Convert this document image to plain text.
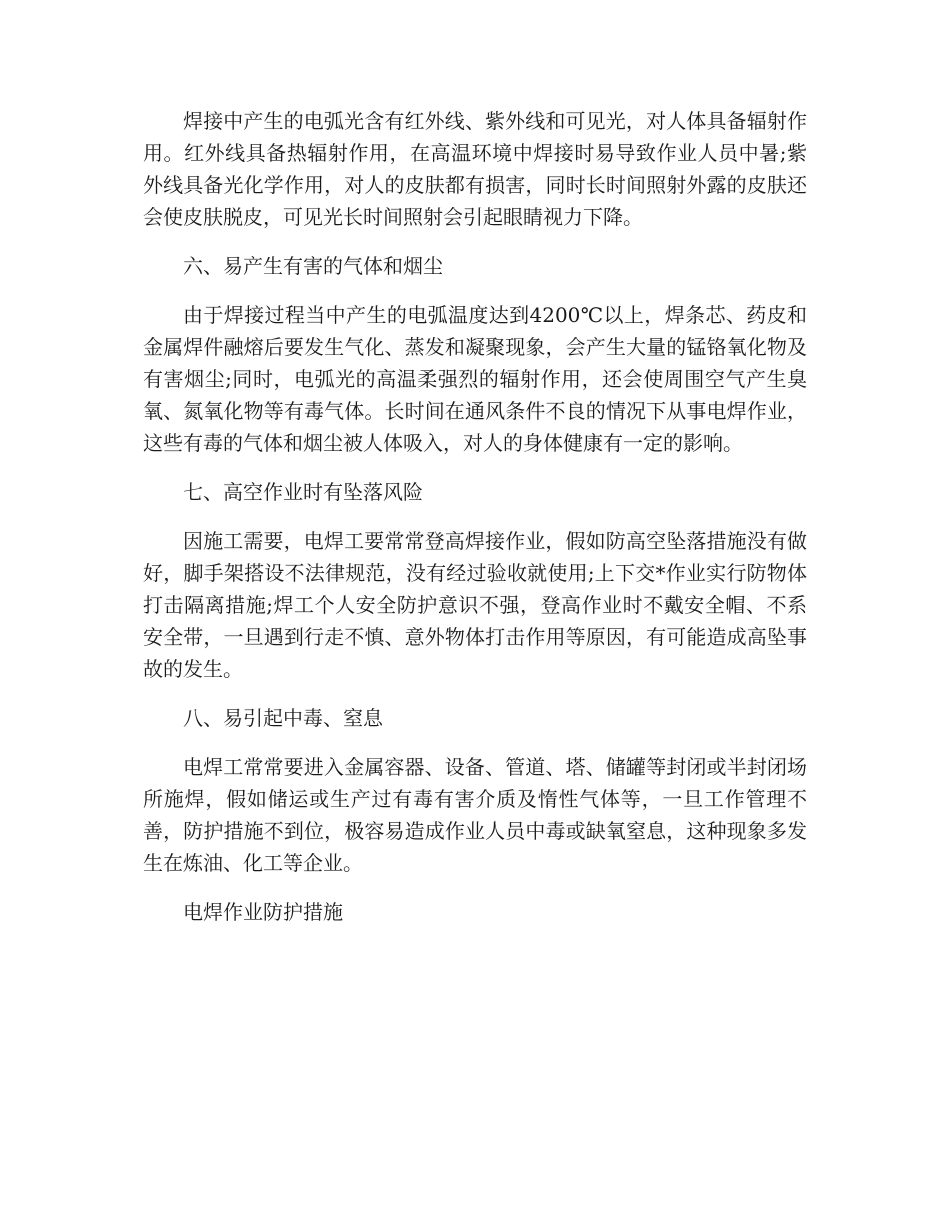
焊接中产生的电弧光含有红外线、紫外线和可见光，对人体具备辐射作用。红外线具备热辐射作用，在高温环境中焊接时易导致作业人员中暑;紫外线具备光化学作用，对人的皮肤都有损害，同时长时间照射外露的皮肤还会使皮肤脱皮，可见光长时间照射会引起眼睛视力下降。

六、易产生有害的气体和烟尘

由于焊接过程当中产生的电弧温度达到4200℃以上，焊条芯、药皮和金属焊件融熔后要发生气化、蒸发和凝聚现象，会产生大量的锰铬氧化物及有害烟尘;同时，电弧光的高温柔强烈的辐射作用，还会使周围空气产生臭氧、氮氧化物等有毒气体。长时间在通风条件不良的情况下从事电焊作业，这些有毒的气体和烟尘被人体吸入，对人的身体健康有一定的影响。

七、高空作业时有坠落风险

因施工需要，电焊工要常常登高焊接作业，假如防高空坠落措施没有做好，脚手架搭设不法律规范，没有经过验收就使用;上下交*作业实行防物体打击隔离措施;焊工个人安全防护意识不强，登高作业时不戴安全帽、不系安全带，一旦遇到行走不慎、意外物体打击作用等原因，有可能造成高坠事故的发生。

八、易引起中毒、窒息

电焊工常常要进入金属容器、设备、管道、塔、储罐等封闭或半封闭场所施焊，假如储运或生产过有毒有害介质及惰性气体等，一旦工作管理不善，防护措施不到位，极容易造成作业人员中毒或缺氧窒息，这种现象多发生在炼油、化工等企业。

电焊作业防护措施
